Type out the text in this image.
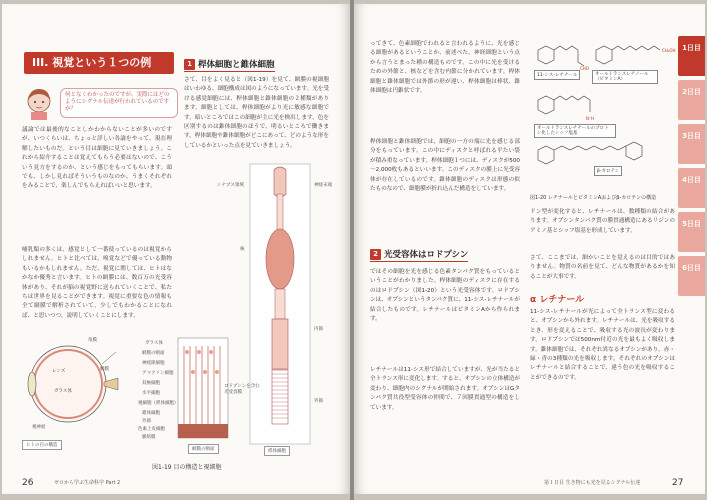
III. 視覚という１つの例
何となくわかったのですが、実際にはどのようにシグナル伝達が行われているのですか？
議論では最後的なことしかわからないことが多いのですが、いつくらいは、ちょっと詳しい各論をやって、現在理解したいものだ。という目は細胞に見ていきましょう。これから紹介することは覚えてもらう必要はないので、こういう見方をするのか、という感じをもってもらいます。頭でも、しかし見ればそういうものなのか、うまくそれぞれをみることで、楽しんでもらえればいいと思います。
哺乳類の多くは、感覚として一番使っているのは視覚からしれません。ヒトと比べては、嗅覚などで優っている動物もいるかもしれません。ただ、視覚に関しては、ヒトはなかなか優秀と言います。ヒトの網膜には、数百万の光受容体があり、それが脳の視覚野に送られていくことで、私たちは世界を見ることができます。視覚に重要な色の情報も全て網膜で解析されていて、少しでもわかることになれば、と思いつつ、説明していくことにします。
1 桿体細胞と錐体細胞
さて、目をよく見ると（図1-19）を見て、網膜の視細胞はいわゆる、細胞構成は図のようになっています。光を受ける感覚細胞には、桿体細胞と錐体細胞の２種類があります。細胞としては、桿体細胞がより光に敏感な細胞です。暗いところではこの細胞が主に光を検出します。色を区別するのは錐体細胞のほうで、明るいところで働きます。桿体細胞や錐体細胞がどこにあって、どのような形をしているかといった点を見ていきましょう。
角膜
レンズ
ガラス体
網膜
視神経
ヒトの目の構造
ガラス体
網膜の断面
神経節細胞
アマクリン細胞
双極細胞
水平細胞
視細胞（桿体細胞）
錐体細胞
外節
色素上皮細胞
脈絡膜
網膜の断面
シナプス領域
核
内節
外節
ロドプシンを含む光受容膜
桿体細胞
神経末端
図1-19 目の構造と視細胞
26	ゼロから学ぶ生命科学 Part 2
ってきて、色素細胞でわれると言われるように、光を感じる細胞があるということか、前述べた、神経細胞という点から言うとまった種の構造ものです。この中に光を受けるための外節と、核などを含む内節に分かれています。桿体細胞と錐体細胞では外節の形が違い、桿体細胞は棒状、錐体細胞は円錐状です。
桿体細胞と錐体細胞では、細胞の一方の端に光を感じる部分をもっています。この中にディスクと呼ばれる平たい袋が積み重なっています。桿体細胞１つには、ディスクが500～2,000枚もあるといいます。このディスクの膜上に光受容体が存在しているのです。錐体細胞のディスクは形態の似たものなので、細胞膜が折れ込んだ構造をしています。
2 光受容体はロドプシン
ではその細胞を光を感じる色素タンパク質をもっているということがわかりました。桿体細胞のディスクに存在するのはロドプシン（図1-20）という光受容体です。ロドプシンは、オプシンというタンパク質に、11-シス-レチナールが結合したものです。レチナールはビタミンAから作られます。
レチナールは11-シス形で結合していますが、光が当たると全トランス形に変化します。すると、オプシンの立体構造が変わり、細胞内のシグナルが開始されます。オプシンはGタンパク質共役型受容体の仲間で、７回膜貫通型の構造をしています。
CH₂OH
CHO
N⁺H
11-シス-レチナール	オールトランスレチノール（ビタミンA）
オールトランスレチナールのプロトン化したシッフ塩基
β-カロテン
図1-20 レチナールとビタミンAおよびβ-カロテンの構造
ドン型が変化すると、レチナールは、数種類の結合があります。オプシンタンパク質の膜貫通構造にあるリジンのアミノ基とシッフ塩基を形成しています。
さて、ここまでは、細かいことを覚えるのは目的ではありません。物質の名前を見て、どんな物質があるかを知ることが大事です。
α レチナール
11-シス-レチナールが光によって全トランス型に変わると、オプシンから外れます。レチナールは、光を吸収するとき、形を変えることで、吸収する光の波長が変わります。ロドプシンでは500nm付近の光を最もよく吸収します。錐体細胞では、それぞれ異なるオプシンがあり、赤・緑・青の3種類の光を吸収します。それぞれのオプシンはレチナールと結合することで、違う色の光を吸収することができるのです。
1日目
2日目
3日目
4日目
5日目
6日目
第１日目 生き物にも光を見るシグナル伝達	27
